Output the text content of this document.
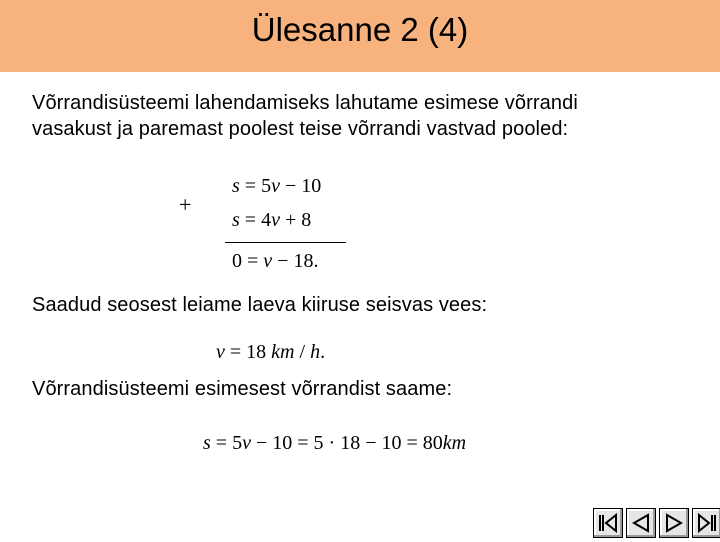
Ülesanne 2 (4)
Võrrandisüsteemi lahendamiseks lahutame esimese võrrandi
vasakust ja paremast poolest teise võrrandi vastvad pooled:
+
s = 5v − 10
s = 4v + 8
0 = v − 18.
Saadud seosest leiame laeva kiiruse seisvas vees:
v = 18 km / h.
Võrrandisüsteemi esimesest võrrandist saame:
s = 5v − 10 = 5 · 18 − 10 = 80km
